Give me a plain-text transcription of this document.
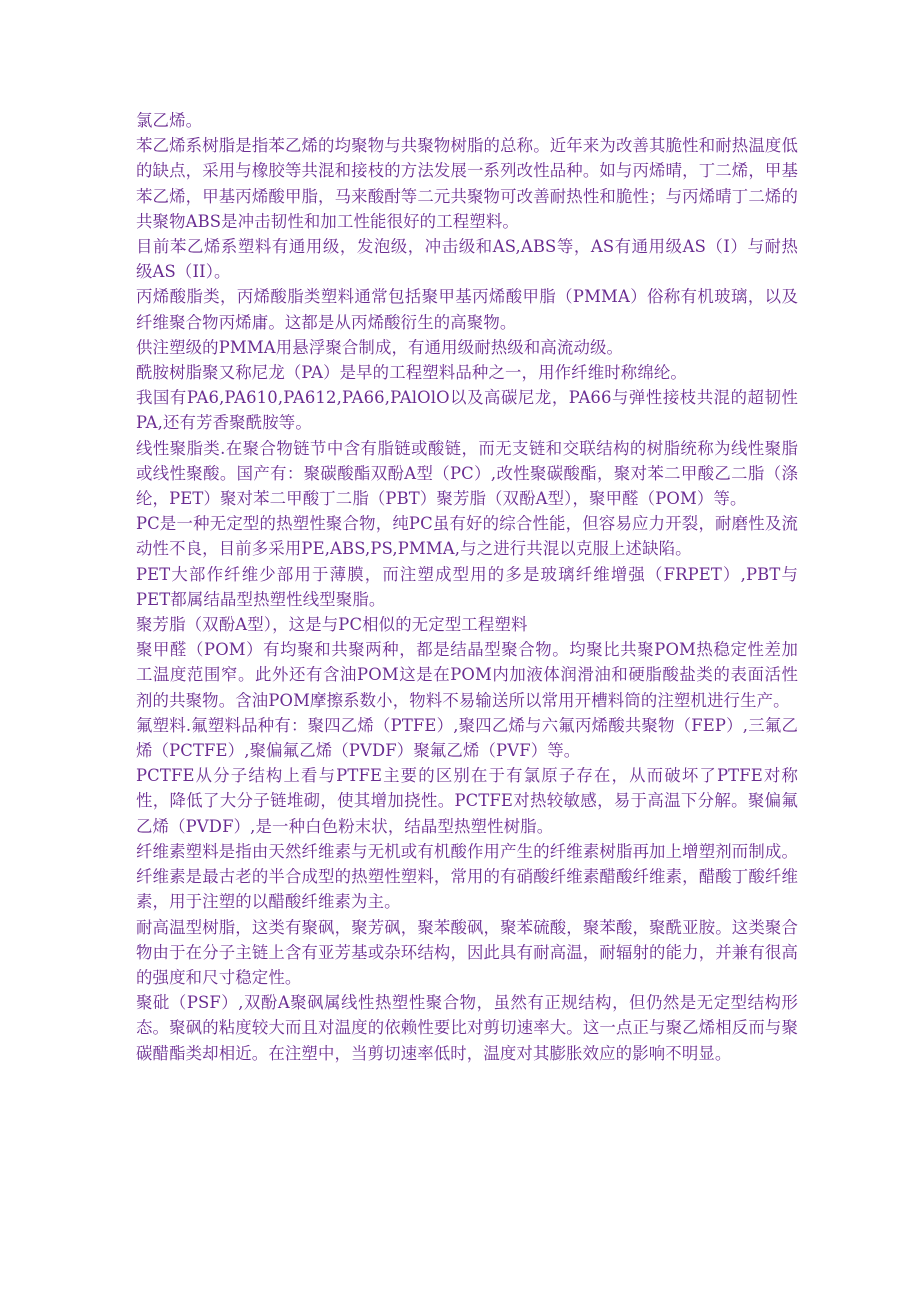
氯乙烯。

苯乙烯系树脂是指苯乙烯的均聚物与共聚物树脂的总称。近年来为改善其脆性和耐热温度低的缺点，采用与橡胶等共混和接枝的方法发展一系列改性品种。如与丙烯晴，丁二烯，甲基苯乙烯，甲基丙烯酸甲脂，马来酸酎等二元共聚物可改善耐热性和脆性；与丙烯晴丁二烯的共聚物ABS是冲击韧性和加工性能很好的工程塑料。

目前苯乙烯系塑料有通用级，发泡级，冲击级和AS,ABS等，AS有通用级AS（I）与耐热级AS（II）。

丙烯酸脂类，丙烯酸脂类塑料通常包括聚甲基丙烯酸甲脂（PMMA）俗称有机玻璃，以及纤维聚合物丙烯庸。这都是从丙烯酸衍生的高聚物。

供注塑级的PMMA用悬浮聚合制成，有通用级耐热级和高流动级。

酰胺树脂聚又称尼龙（PA）是早的工程塑料品种之一，用作纤维时称绵纶。

我国有PA6,PA610,PA612,PA66,PAlOlO以及高碳尼龙，PA66与弹性接枝共混的超韧性PA,还有芳香聚酰胺等。

线性聚脂类.在聚合物链节中含有脂链或酸链，而无支链和交联结构的树脂统称为线性聚脂或线性聚酸。国产有：聚碳酸酯双酚A型（PC）,改性聚碳酸酯，聚对苯二甲酸乙二脂（涤纶，PET）聚对苯二甲酸丁二脂（PBT）聚芳脂（双酚A型），聚甲醛（POM）等。

PC是一种无定型的热塑性聚合物，纯PC虽有好的综合性能，但容易应力开裂，耐磨性及流动性不良，目前多采用PE,ABS,PS,PMMA,与之进行共混以克服上述缺陷。

PET大部作纤维少部用于薄膜，而注塑成型用的多是玻璃纤维增强（FRPET）,PBT与PET都属结晶型热塑性线型聚脂。

聚芳脂（双酚A型），这是与PC相似的无定型工程塑料

聚甲醛（POM）有均聚和共聚两种，都是结晶型聚合物。均聚比共聚POM热稳定性差加工温度范围窄。此外还有含油POM这是在POM内加液体润滑油和硬脂酸盐类的表面活性剂的共聚物。含油POM摩擦系数小，物料不易输送所以常用开槽料筒的注塑机进行生产。

氟塑料.氟塑料品种有：聚四乙烯（PTFE）,聚四乙烯与六氟丙烯酸共聚物（FEP）,三氟乙烯（PCTFE）,聚偏氟乙烯（PVDF）聚氟乙烯（PVF）等。

PCTFE从分子结构上看与PTFE主要的区别在于有氯原子存在，从而破坏了PTFE对称性，降低了大分子链堆砌，使其增加挠性。PCTFE对热较敏感，易于高温下分解。聚偏氟乙烯（PVDF）,是一种白色粉末状，结晶型热塑性树脂。

纤维素塑料是指由天然纤维素与无机或有机酸作用产生的纤维素树脂再加上增塑剂而制成。纤维素是最古老的半合成型的热塑性塑料，常用的有硝酸纤维素醋酸纤维素，醋酸丁酸纤维素，用于注塑的以醋酸纤维素为主。

耐高温型树脂，这类有聚砜，聚芳砜，聚苯酸砜，聚苯硫酸，聚苯酸，聚酰亚胺。这类聚合物由于在分子主链上含有亚芳基或杂环结构，因此具有耐高温，耐辐射的能力，并兼有很高的强度和尺寸稳定性。

聚砒（PSF）,双酚A聚砜属线性热塑性聚合物，虽然有正规结构，但仍然是无定型结构形态。聚砜的粘度较大而且对温度的依赖性要比对剪切速率大。这一点正与聚乙烯相反而与聚碳醋酯类却相近。在注塑中，当剪切速率低时，温度对其膨胀效应的影响不明显。
